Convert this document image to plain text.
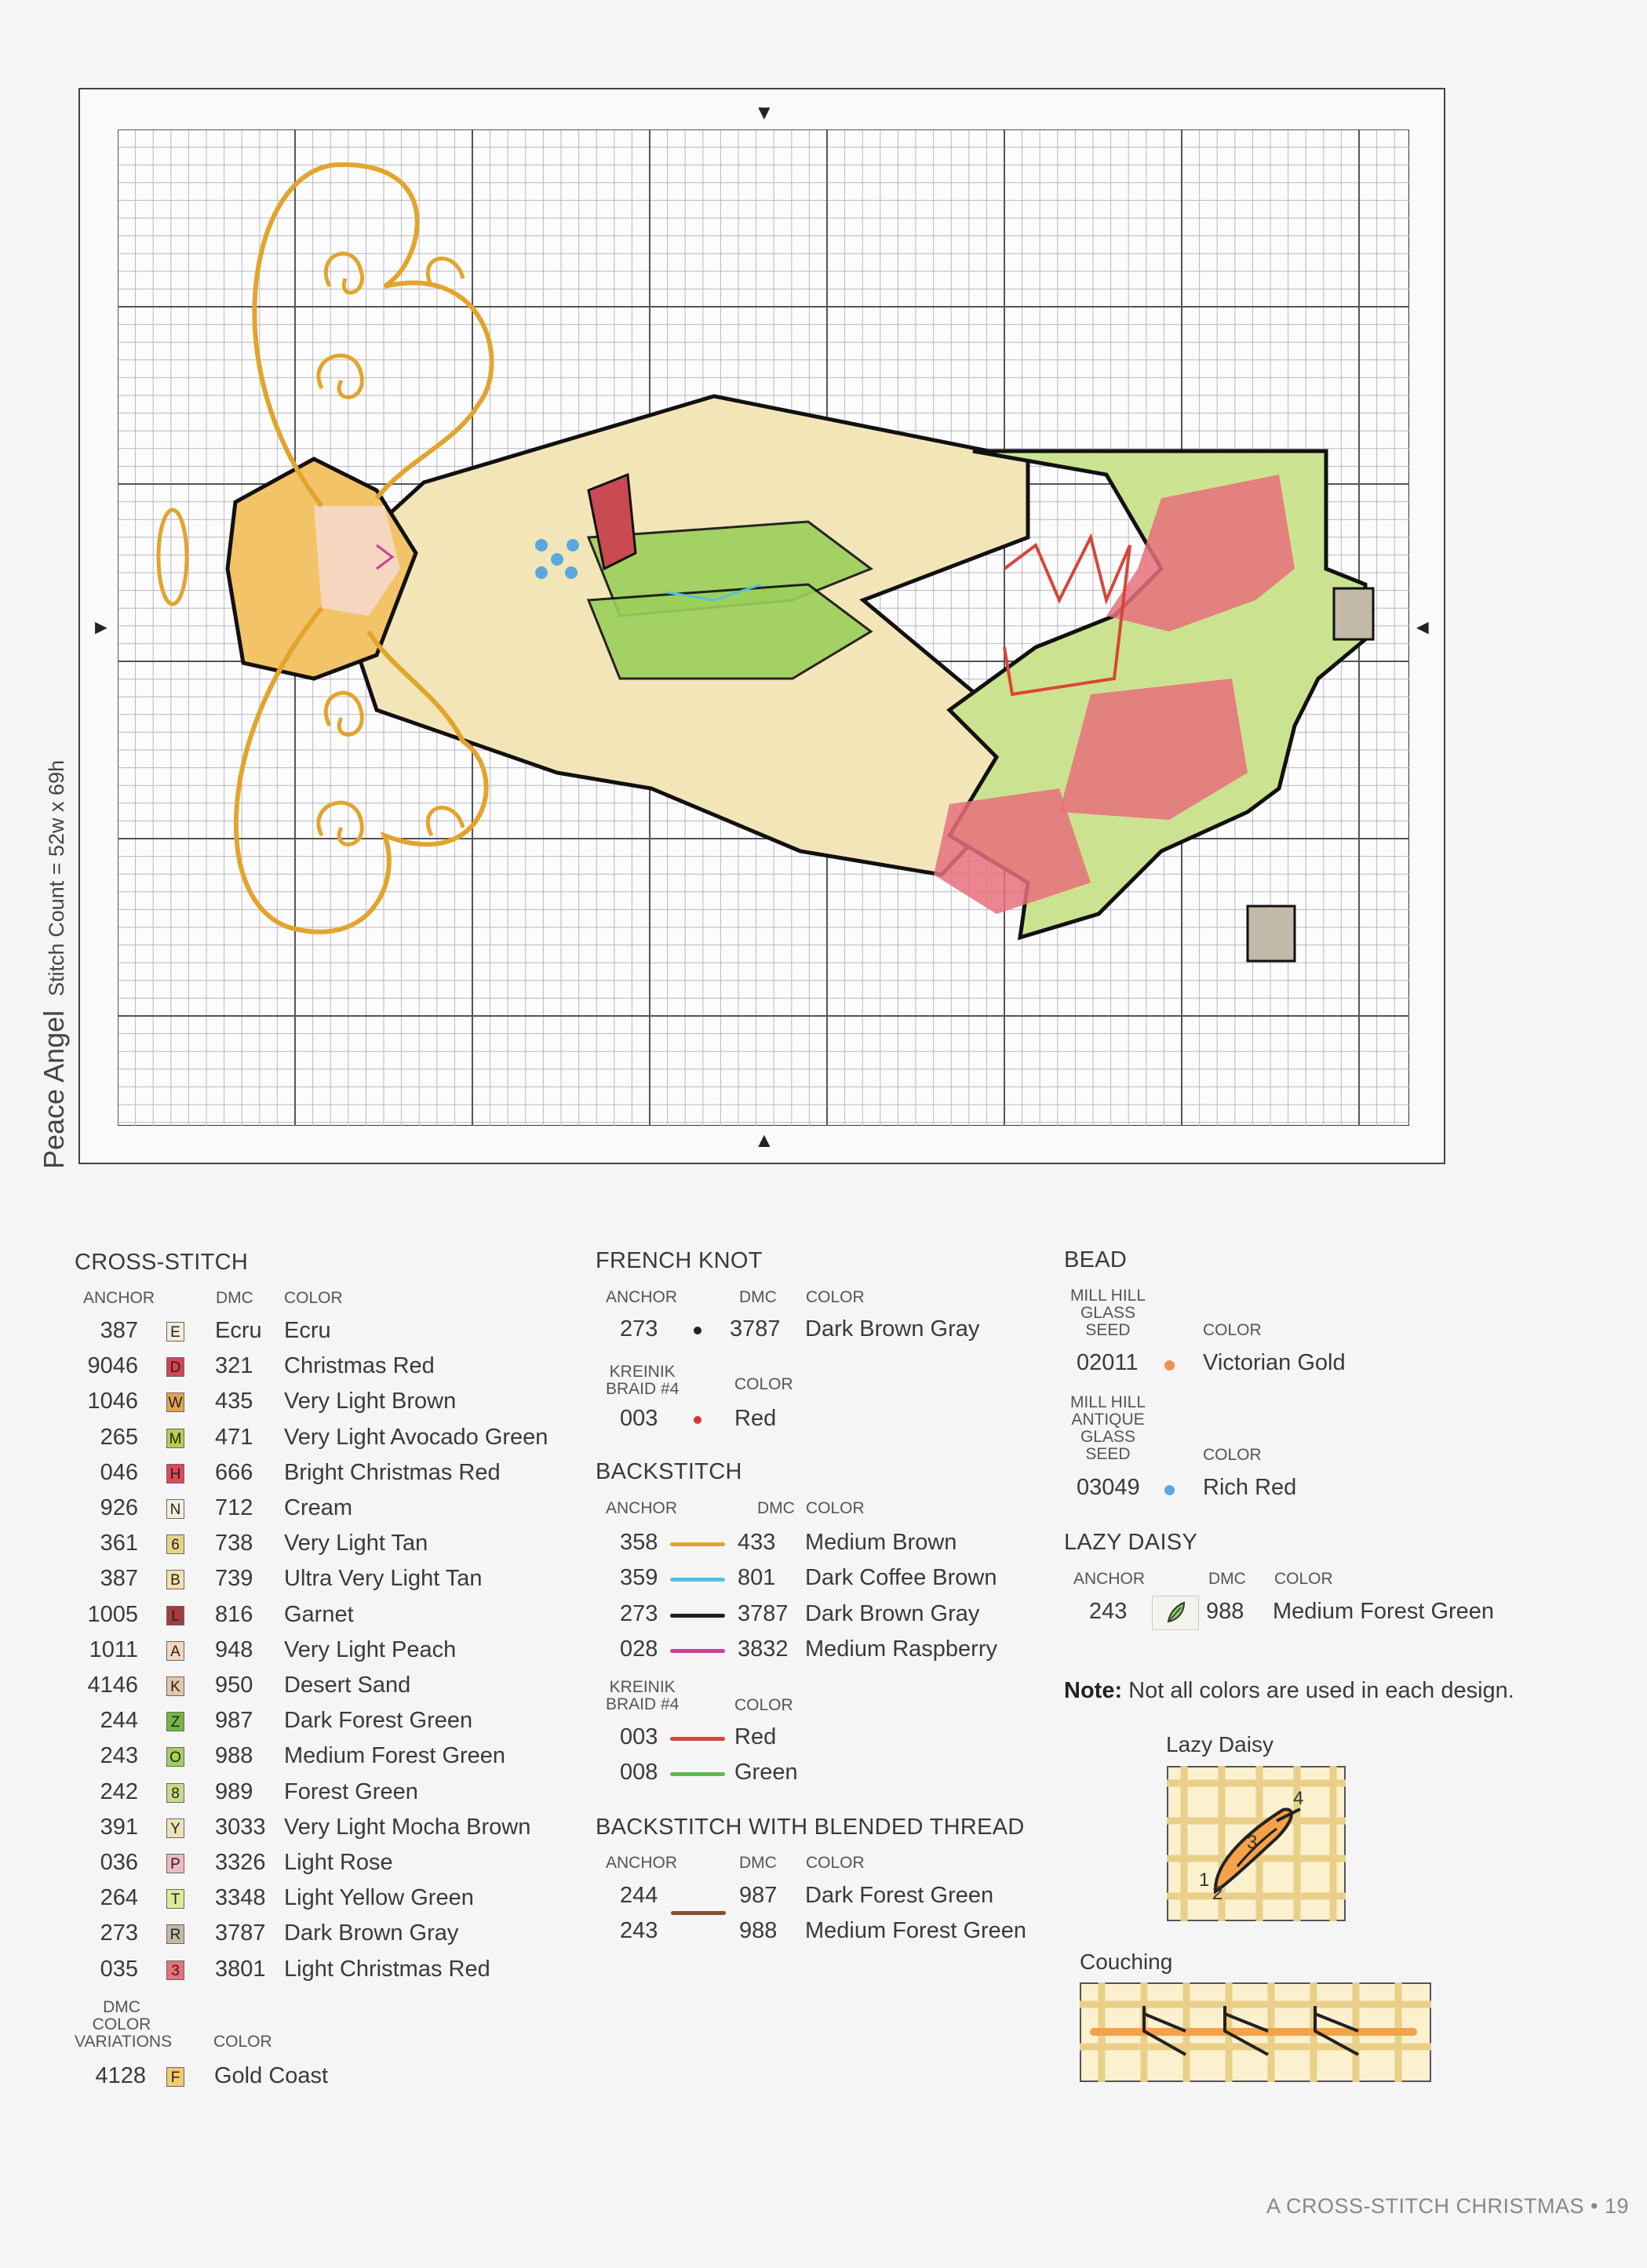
▼
▲
►	◄
Peace AngelStitch Count = 52w x 69h
CROSS-STITCH
ANCHOR	DMC COLOR
387 E Ecru Ecru
9046 D 321 Christmas Red
1046 W 435 Very Light Brown
265 M 471 Very Light Avocado Green
046 H 666 Bright Christmas Red
926 N 712 Cream
361	6 738 Very Light Tan
387 B 739 Ultra Very Light Tan
1005	L 816 Garnet
1011 A 948 Very Light Peach
4146 K 950 Desert Sand
244 Z 987 Dark Forest Green
243 O 988 Medium Forest Green
242	8 989 Forest Green
391 Y 3033 Very Light Mocha Brown
036 P 3326 Light Rose
264 T 3348 Light Yellow Green
273 R 3787 Dark Brown Gray
035	3 3801 Light Christmas Red
DMC
COLOR
VARIATIONS	COLOR
4128 F Gold Coast
FRENCH KNOT
ANCHOR	DMC COLOR
273	3787 Dark Brown Gray
KREINIK
BRAID #4	COLOR
003	Red
BACKSTITCH
ANCHOR	DMC COLOR
358	433 Medium Brown
359	801 Dark Coffee Brown
273	3787 Dark Brown Gray
028	3832 Medium Raspberry
KREINIK
BRAID #4	COLOR
003	Red
008	Green
BACKSTITCH WITH BLENDED THREAD
ANCHOR	DMC COLOR
244	987 Dark Forest Green
243	988 Medium Forest Green
BEAD
MILL HILL
GLASS
SEED	COLOR
02011	Victorian Gold
MILL HILL
ANTIQUE
GLASS
SEED	COLOR
03049	Rich Red
LAZY DAISY
ANCHOR	DMC COLOR
243	988 Medium Forest Green
Note: Not all colors are used in each design.
Lazy Daisy
1
2
3
4
Couching
A CROSS-STITCH CHRISTMAS • 19
